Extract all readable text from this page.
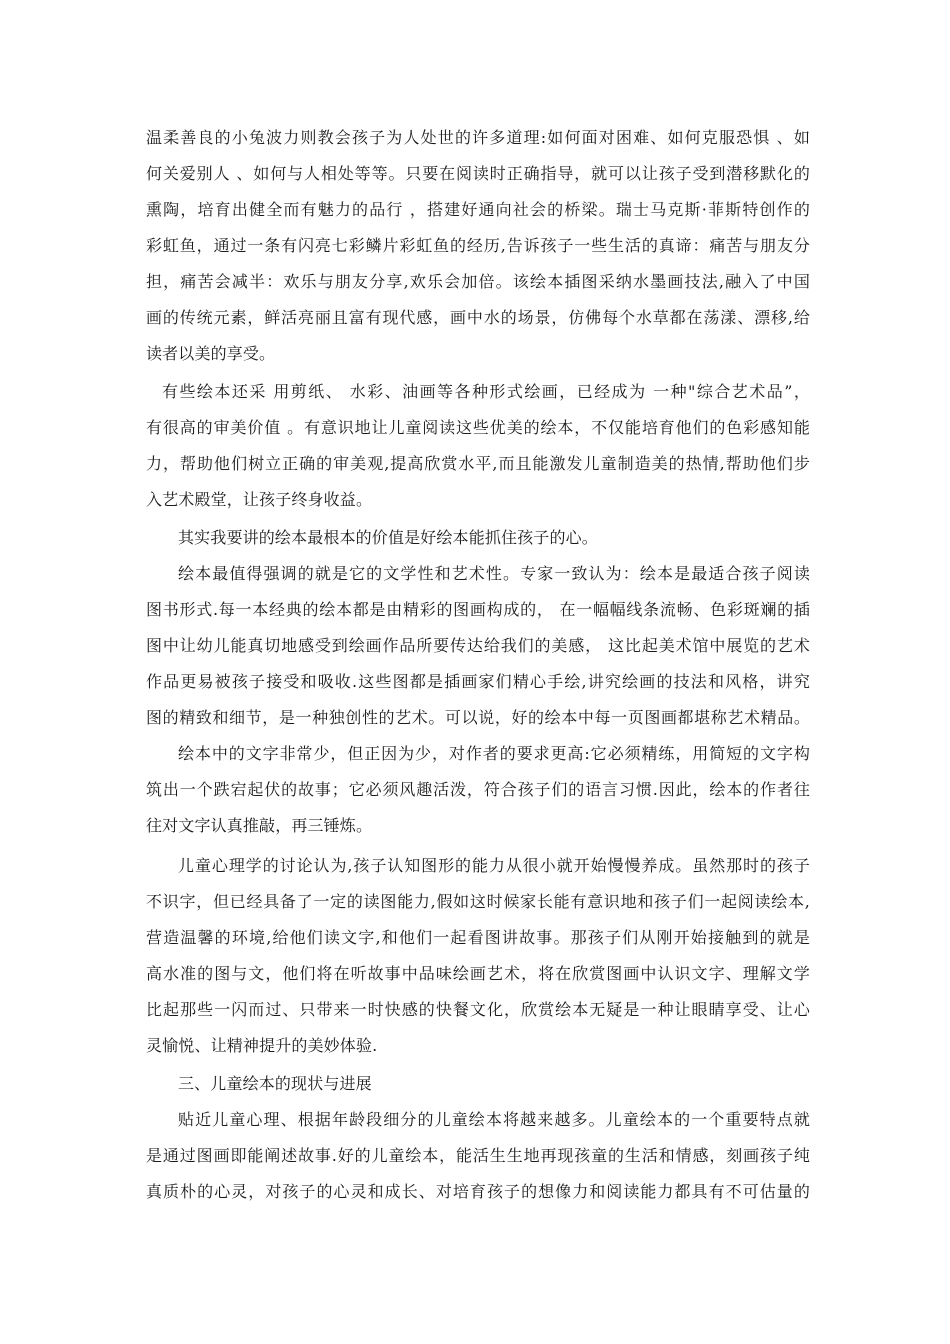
温柔善良的小兔波力则教会孩子为人处世的许多道理:如何面对困难、如何克服恐惧 、如
何关爱别人 、如何与人相处等等。只要在阅读时正确指导，就可以让孩子受到潜移默化的
熏陶，培育出健全而有魅力的品行 ，搭建好通向社会的桥梁。瑞士马克斯·菲斯特创作的
彩虹鱼，通过一条有闪亮七彩鳞片彩虹鱼的经历,告诉孩子一些生活的真谛：痛苦与朋友分
担，痛苦会减半：欢乐与朋友分享,欢乐会加倍。该绘本插图采纳水墨画技法,融入了中国
画的传统元素，鲜活亮丽且富有现代感，画中水的场景，仿佛每个水草都在荡漾、漂移,给
读者以美的享受。
有些绘本还采 用剪纸、 水彩、油画等各种形式绘画，已经成为 一种"综合艺术品”，
有很高的审美价值 。有意识地让儿童阅读这些优美的绘本，不仅能培育他们的色彩感知能
力，帮助他们树立正确的审美观,提高欣赏水平,而且能激发儿童制造美的热情,帮助他们步
入艺术殿堂，让孩子终身收益。
其实我要讲的绘本最根本的价值是好绘本能抓住孩子的心。
绘本最值得强调的就是它的文学性和艺术性。专家一致认为：绘本是最适合孩子阅读
图书形式.每一本经典的绘本都是由精彩的图画构成的， 在一幅幅线条流畅、色彩斑斓的插
图中让幼儿能真切地感受到绘画作品所要传达给我们的美感， 这比起美术馆中展览的艺术
作品更易被孩子接受和吸收.这些图都是插画家们精心手绘,讲究绘画的技法和风格，讲究
图的精致和细节，是一种独创性的艺术。可以说，好的绘本中每一页图画都堪称艺术精品。
绘本中的文字非常少，但正因为少，对作者的要求更高:它必须精练，用简短的文字构
筑出一个跌宕起伏的故事；它必须风趣活泼，符合孩子们的语言习惯.因此，绘本的作者往
往对文字认真推敲，再三锤炼。
儿童心理学的讨论认为,孩子认知图形的能力从很小就开始慢慢养成。虽然那时的孩子
不识字，但已经具备了一定的读图能力,假如这时候家长能有意识地和孩子们一起阅读绘本,
营造温馨的环境,给他们读文字,和他们一起看图讲故事。那孩子们从刚开始接触到的就是
高水准的图与文，他们将在听故事中品味绘画艺术，将在欣赏图画中认识文字、理解文学
比起那些一闪而过、只带来一时快感的快餐文化，欣赏绘本无疑是一种让眼睛享受、让心
灵愉悦、让精神提升的美妙体验.
三、儿童绘本的现状与进展
贴近儿童心理、根据年龄段细分的儿童绘本将越来越多。儿童绘本的一个重要特点就
是通过图画即能阐述故事.好的儿童绘本，能活生生地再现孩童的生活和情感，刻画孩子纯
真质朴的心灵，对孩子的心灵和成长、对培育孩子的想像力和阅读能力都具有不可估量的
